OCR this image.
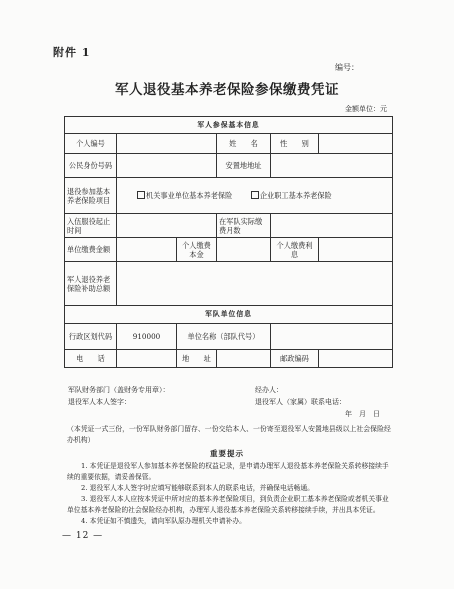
附件 1
编号：
军人退役基本养老保险参保缴费凭证
金额单位：元
军人参保基本信息					
个人编号			姓　　名	性　　别	
公民身份号码			安置地地址		
退役参加基本养老保险项目	机关事业单位基本养老保险 企业职工基本养老保险				
入伍服役起止时间			在军队实际缴费月数		
单位缴费金额		个人缴费本金		个人缴费利息	
军人退役养老保险补助总额					
军队单位信息					
行政区划代码	910000	单位名称（部队代号）			
电　　话		地　　址		邮政编码	
军队财务部门（盖财务专用章）：	经办人：
退役军人本人签字：	退役军人（家属）联系电话：
年　月　日
（本凭证一式三份，一份军队财务部门留存、一份交给本人、一份寄至退役军人安置地县级以上社会保险经办机构）
重要提示

1. 本凭证是退役军人参加基本养老保险的权益记录，是申请办理军人退役基本养老保险关系转移接续手续的重要依据，请妥善保管。

2. 退役军人本人签字时应填写能够联系到本人的联系电话，并确保电话畅通。

3. 退役军人本人应按本凭证中所对应的基本养老保险项目，到负责企业职工基本养老保险或者机关事业单位基本养老保险的社会保险经办机构，办理军人退役基本养老保险关系转移接续手续，并出具本凭证。

4. 本凭证如不慎遗失，请向军队原办理机关申请补办。

— 12 —
